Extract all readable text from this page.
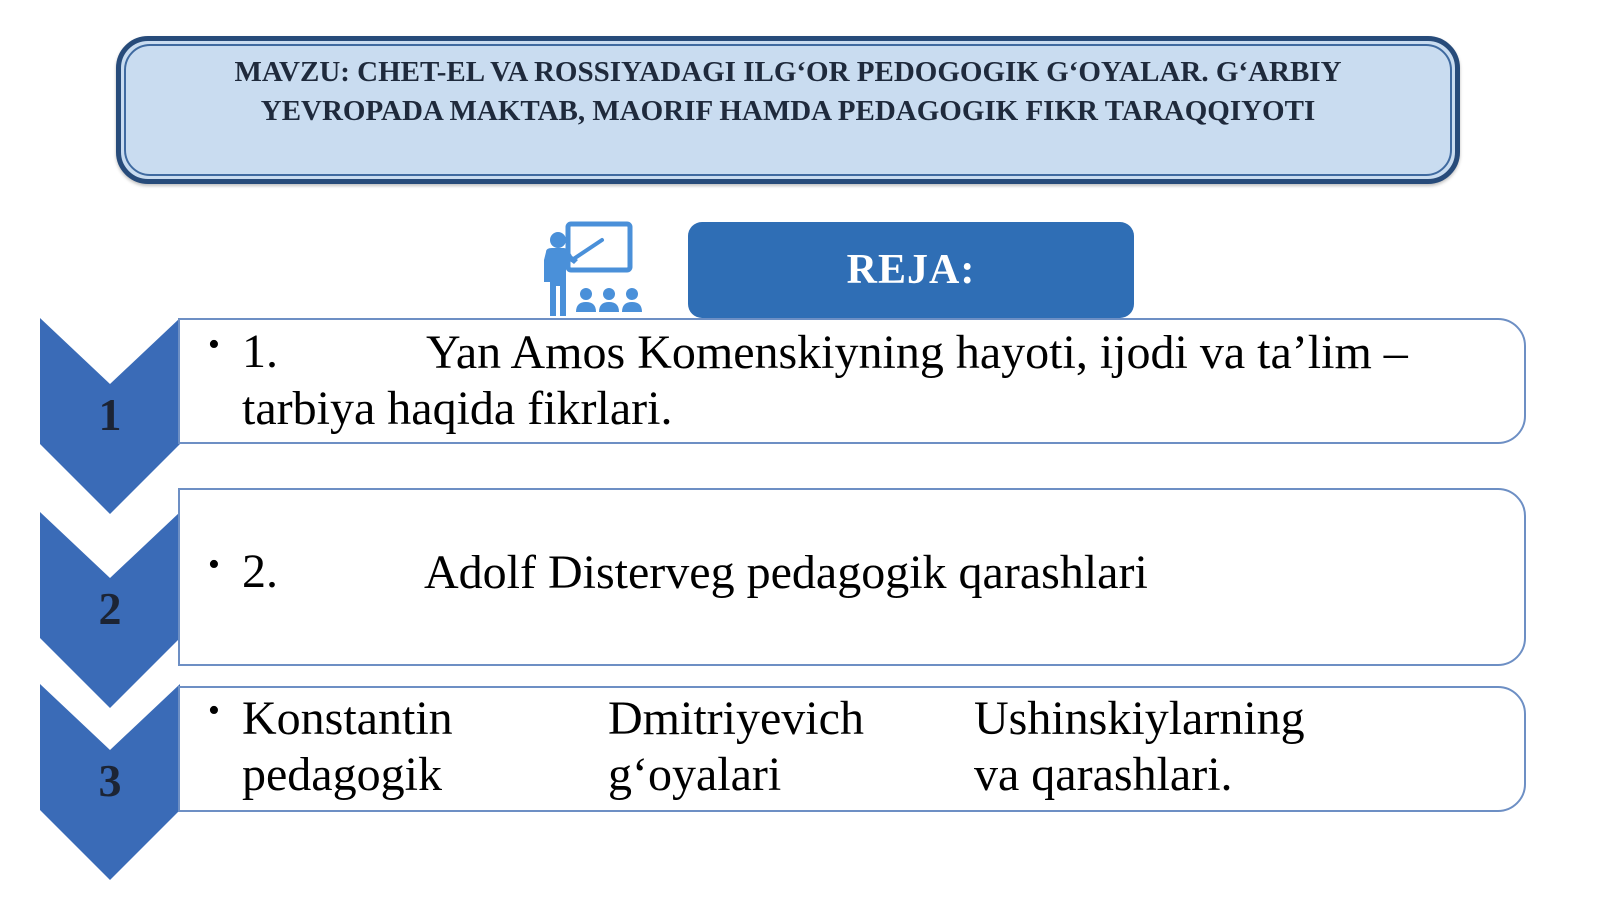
MAVZU: CHET-EL VA ROSSIYADAGI ILG‘OR PEDOGOGIK G‘OYALAR. G‘ARBIY
YEVROPADA MAKTAB, MAORIF HAMDA PEDAGOGIK FIKR TARAQQIYOTI
REJA:
1
2
3
• 1.	Yan Amos Komenskiyning hayoti, ijodi va ta’lim –
tarbiya haqida fikrlari.
• 2.	Adolf Disterveg pedagogik qarashlari
• Konstantin
pedagogik
Dmitriyevich
g‘oyalari
Ushinskiylarning
va qarashlari.
